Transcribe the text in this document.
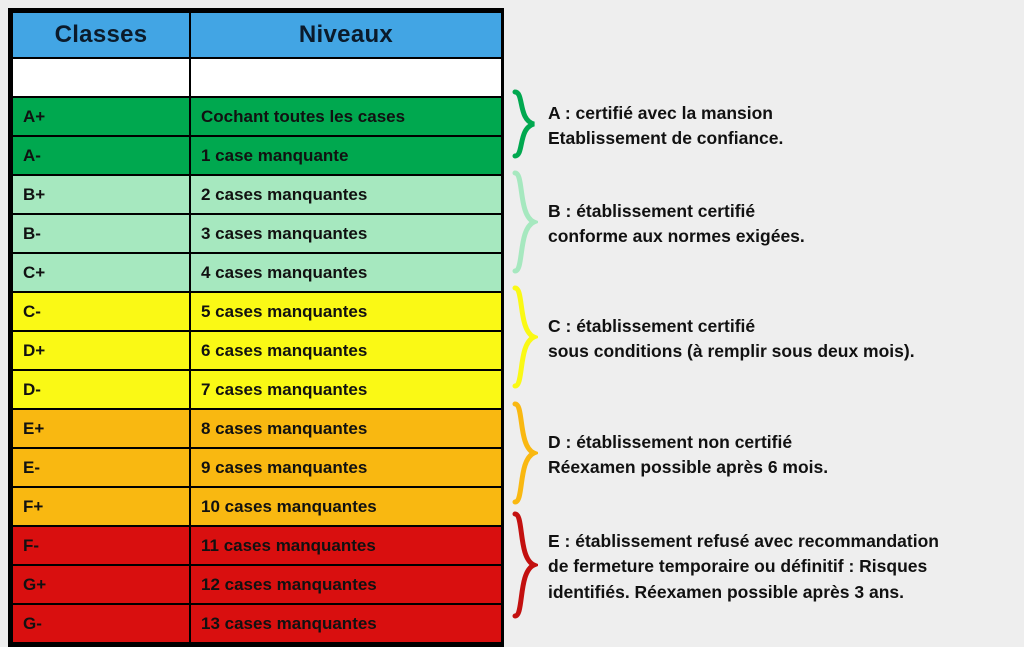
Classes	Niveaux

A+	Cochant toutes les cases
A-	1 case manquante
B+	2 cases manquantes
B-	3 cases manquantes
C+	4 cases manquantes
C-	5 cases manquantes
D+	6 cases manquantes
D-	7 cases manquantes
E+	8 cases manquantes
E-	9 cases manquantes
F+	10 cases manquantes
F-	11 cases manquantes
G+	12 cases manquantes
G-	13 cases manquantes
A : certifié avec la mansion
Etablissement de confiance.
B : établissement certifié
conforme aux normes exigées.
C : établissement certifié
sous conditions (à remplir sous deux mois).
D : établissement non certifié
Réexamen possible après 6 mois.
E : établissement refusé avec recommandation
de fermeture temporaire ou définitif : Risques
identifiés. Réexamen possible après 3 ans.
